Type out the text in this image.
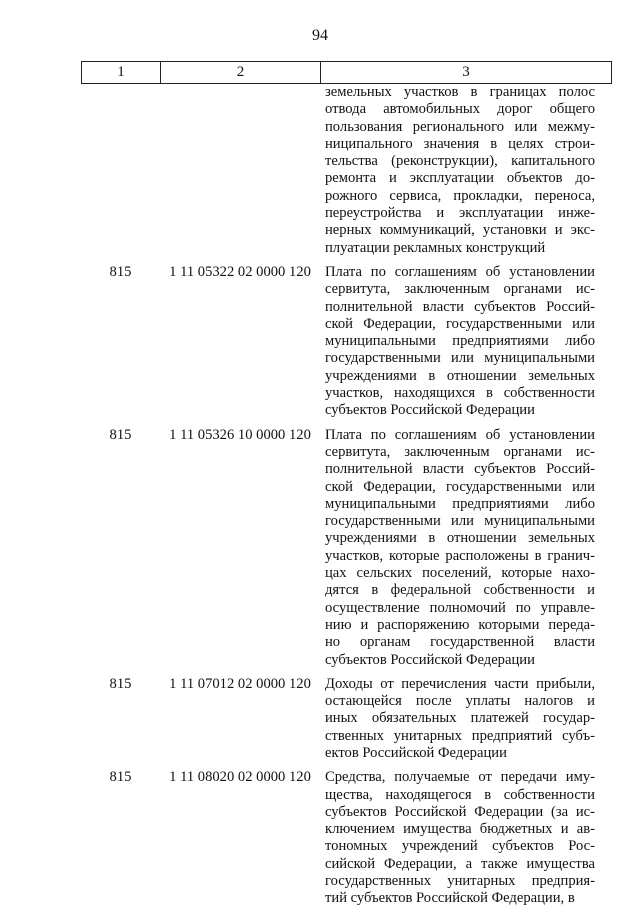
94
1	2	3
земельных участков в границах полос
отвода автомобильных дорог общего
пользования регионального или межму-
ниципального значения в целях строи-
тельства (реконструкции), капитального
ремонта и эксплуатации объектов до-
рожного сервиса, прокладки, переноса,
переустройства и эксплуатации инже-
нерных коммуникаций, установки и экс-
плуатации рекламных конструкций
815	1 11 05322 02 0000 120 Плата по соглашениям об установлении
сервитута, заключенным органами ис-
полнительной власти субъектов Россий-
ской Федерации, государственными или
муниципальными предприятиями либо
государственными или муниципальными
учреждениями в отношении земельных
участков, находящихся в собственности
субъектов Российской Федерации
815	1 11 05326 10 0000 120 Плата по соглашениям об установлении
сервитута, заключенным органами ис-
полнительной власти субъектов Россий-
ской Федерации, государственными или
муниципальными предприятиями либо
государственными или муниципальными
учреждениями в отношении земельных
участков, которые расположены в гранич-
цах сельских поселений, которые нахо-
дятся в федеральной собственности и
осуществление полномочий по управле-
нию и распоряжению которыми переда-
но органам государственной власти
субъектов Российской Федерации
815	1 11 07012 02 0000 120 Доходы от перечисления части прибыли,
остающейся после уплаты налогов и
иных обязательных платежей государ-
ственных унитарных предприятий субъ-
ектов Российской Федерации
815	1 11 08020 02 0000 120 Средства, получаемые от передачи иму-
щества, находящегося в собственности
субъектов Российской Федерации (за ис-
ключением имущества бюджетных и ав-
тономных учреждений субъектов Рос-
сийской Федерации, а также имущества
государственных унитарных предприя-
тий субъектов Российской Федерации, в
